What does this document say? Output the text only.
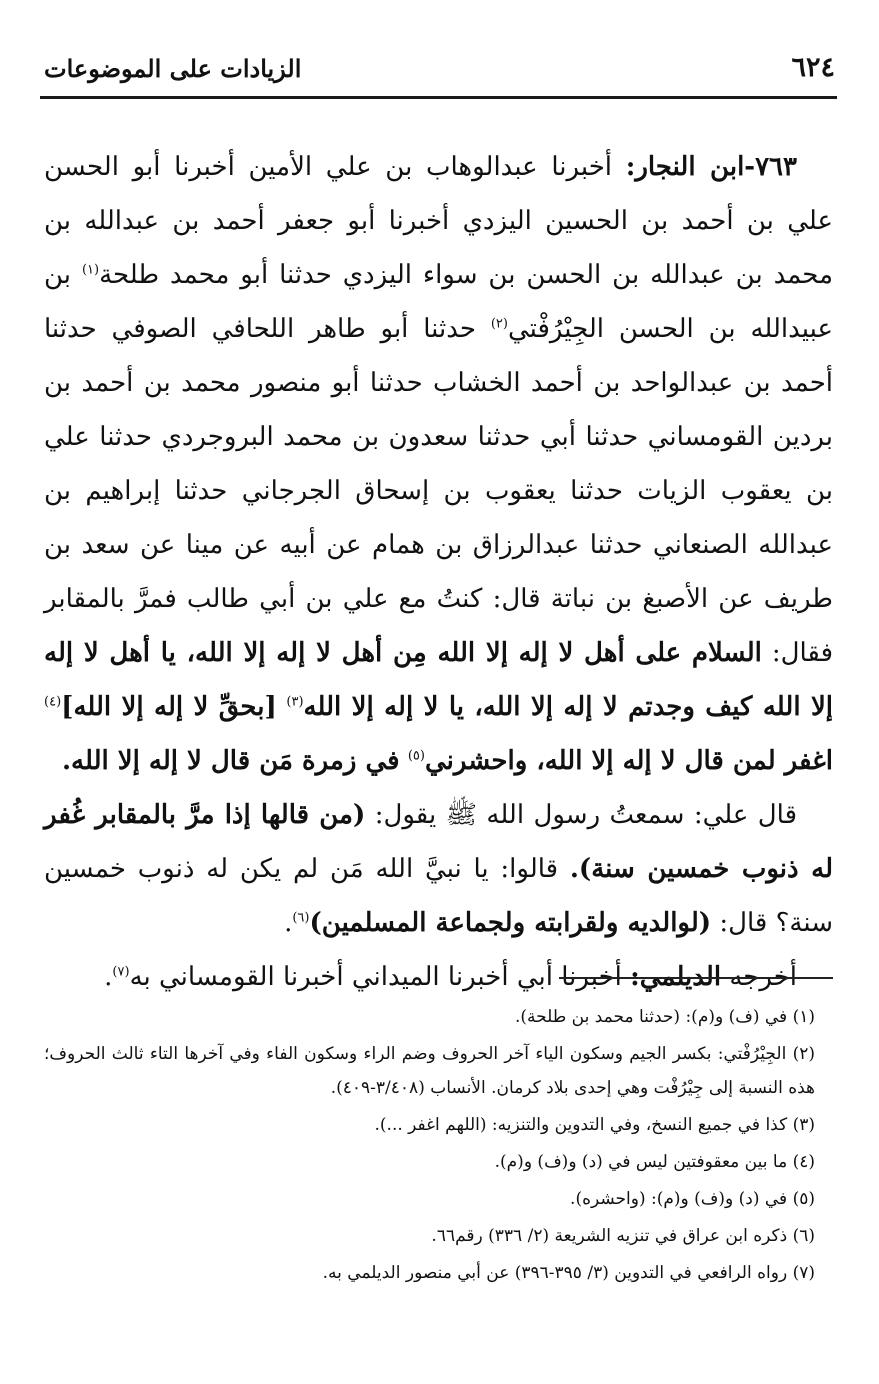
٦٢٤
الزيادات على الموضوعات

٧٦٣-ابن النجار: أخبرنا عبدالوهاب بن علي الأمين أخبرنا أبو الحسن علي بن أحمد بن الحسين اليزدي أخبرنا أبو جعفر أحمد بن عبدالله بن محمد بن عبدالله بن الحسن بن سواء اليزدي حدثنا أبو محمد طلحة$^{(١)}$ بن عبيدالله بن الحسن الجِيْرُفْتي$^{(٢)}$ حدثنا أبو طاهر اللحافي الصوفي حدثنا أحمد بن عبدالواحد بن أحمد الخشاب حدثنا أبو منصور محمد بن أحمد بن بردين القومساني حدثنا أبي حدثنا سعدون بن محمد البروجردي حدثنا علي بن يعقوب الزيات حدثنا يعقوب بن إسحاق الجرجاني حدثنا إبراهيم بن عبدالله الصنعاني حدثنا عبدالرزاق بن همام عن أبيه عن مينا عن سعد بن طريف عن الأصبغ بن نباتة قال: كنتُ مع علي بن أبي طالب فمرَّ بالمقابر فقال: السلام على أهل لا إله إلا الله مِن أهل لا إله إلا الله، يا أهل لا إله إلا الله كيف وجدتم لا إله إلا الله، يا لا إله إلا الله$^{(٣)}$ [بحقِّ لا إله إلا الله]$^{(٤)}$ اغفر لمن قال لا إله إلا الله، واحشرني$^{(٥)}$ في زمرة مَن قال لا إله إلا الله.

قال علي: سمعتُ رسول الله ﷺ يقول: (من قالها إذا مرَّ بالمقابر غُفر له ذنوب خمسين سنة). قالوا: يا نبيَّ الله مَن لم يكن له ذنوب خمسين سنة؟ قال: (لوالديه ولقرابته ولجماعة المسلمين)$^{(٦)}$.

أخرجه الديلمي: أخبرنا أبي أخبرنا الميداني أخبرنا القومساني به$^{(٧)}$.

(١) في (ف) و(م): (حدثنا محمد بن طلحة).

(٢) الجِيْرُفْتي: بكسر الجيم وسكون الياء آخر الحروف وضم الراء وسكون الفاء وفي آخرها التاء ثالث الحروف؛ هذه النسبة إلى جِيْرُفْت وهي إحدى بلاد كرمان. الأنساب (٣/٤٠٨-٤٠٩).

(٣) كذا في جميع النسخ، وفي التدوين والتنزيه: (اللهم اغفر ...).

(٤) ما بين معقوفتين ليس في (د) و(ف) و(م).

(٥) في (د) و(ف) و(م): (واحشره).

(٦) ذكره ابن عراق في تنزيه الشريعة (٢/ ٣٣٦) رقم٦٦.

(٧) رواه الرافعي في التدوين (٣/ ٣٩٥-٣٩٦) عن أبي منصور الديلمي به.
